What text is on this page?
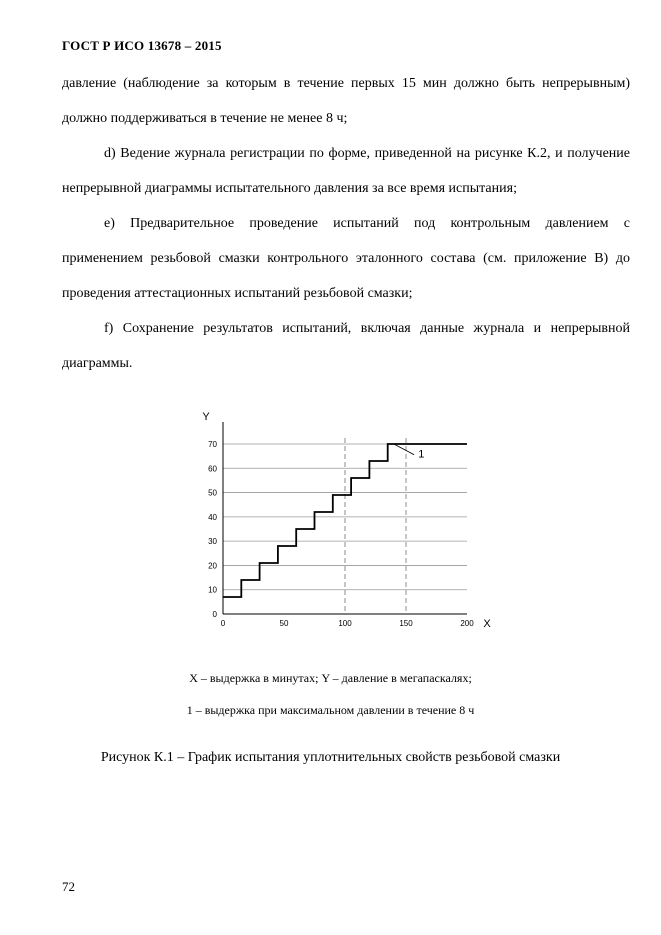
ГОСТ Р ИСО 13678 – 2015

давление (наблюдение за которым в течение первых 15 мин должно быть непрерывным) должно поддерживаться в течение не менее 8 ч;

d) Ведение журнала регистрации по форме, приведенной на рисунке К.2, и получение непрерывной диаграммы испытательного давления за все время испытания;

e) Предварительное проведение испытаний под контрольным давлением с применением резьбовой смазки контрольного эталонного состава (см. приложение В) до проведения аттестационных испытаний резьбовой смазки;

f) Сохранение результатов испытаний, включая данные журнала и непрерывной диаграммы.

0
10
20
30
40
50
60
70
0	50	100	150	200 X
Y
1
X – выдержка в минутах; Y – давление в мегапаскалях;
1 – выдержка при максимальном давлении в течение 8 ч
Рисунок К.1 – График испытания уплотнительных свойств резьбовой смазки
72
